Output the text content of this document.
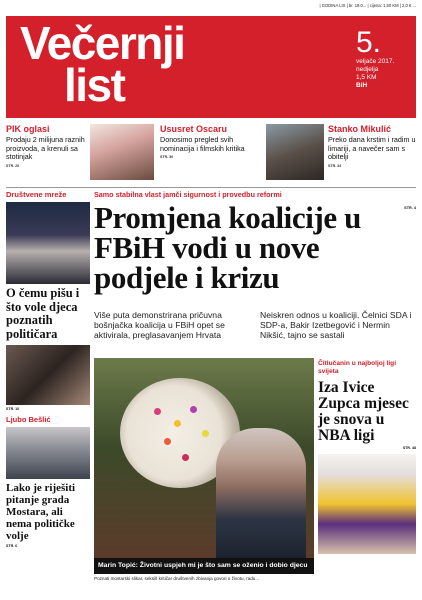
| GODINA LIX | br. 19.0... | cijena: 1,50 KM | 2,0 € ...
Večernji
list
5.
veljače 2017.
nedjelja
1,5 KM
BiH
PIK oglasi

Prodaju 2 milijuna raznih proizvoda, a krenuli sa stotinjak

STR. 20
Ususret Oscaru

Donosimo pregled svih nominacija i filmskih kritika

STR. 30
Stanko Mikulić

Preko dana krstim i radim u limariji, a navečer sam s obitelji

STR. 34
Društvene mreže
O čemu pišu i što vole djeca poznatih političara
STR. 10
Ljubo Bešlić
Lako je riješiti pitanje grada Mostara, ali nema političke volje
STR. 6
Samo stabilna vlast jamči sigurnost i provedbu reformi
Promjena koalicije u FBiH vodi u nove podjele i krizu
STR. 4

Više puta demonstrirana pričuvna bošnjačka koalicija u FBiH opet se aktivirala, preglasavanjem Hrvata

Neiskren odnos u koaliciji. Čelnici SDA i SDP-a, Bakir Izetbegović i Nermin Nikšić, tajno se sastali

Marin Topić: Životni uspjeh mi je što sam se oženio i dobio djecu
Poznati mostarski slikar, seksiš kritičar društvenih zbivanja govori o životu, radu...
Čitlučanin u najboljoj ligi svijeta
Iza Ivice Zupca mjesec je snova u NBA ligi
STR. 48
